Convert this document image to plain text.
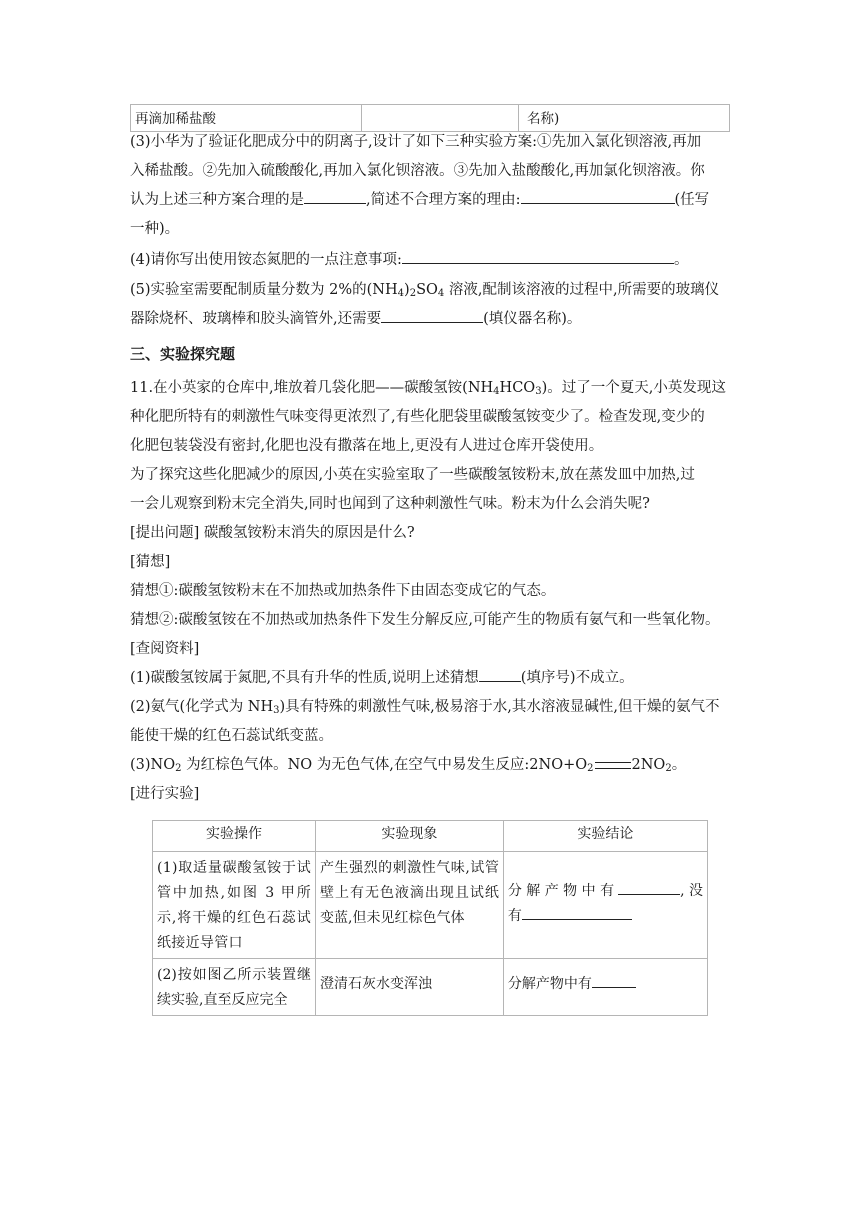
再滴加稀盐酸		名称)
(3)小华为了验证化肥成分中的阴离子,设计了如下三种实验方案:①先加入氯化钡溶液,再加
入稀盐酸。②先加入硫酸酸化,再加入氯化钡溶液。③先加入盐酸酸化,再加氯化钡溶液。你
认为上述三种方案合理的是	,简述不合理方案的理由:	(任写
一种)。
(4)请你写出使用铵态氮肥的一点注意事项:	。
(5)实验室需要配制质量分数为 2%的$(NH_4)_2SO_4$ 溶液,配制该溶液的过程中,所需要的玻璃仪
器除烧杯、玻璃棒和胶头滴管外,还需要	(填仪器名称)。
三、实验探究题
11.在小英家的仓库中,堆放着几袋化肥——碳酸氢铵$(NH_4HCO_3)$。过了一个夏天,小英发现这
种化肥所特有的刺激性气味变得更浓烈了,有些化肥袋里碳酸氢铵变少了。检查发现,变少的
化肥包装袋没有密封,化肥也没有撒落在地上,更没有人进过仓库开袋使用。
为了探究这些化肥减少的原因,小英在实验室取了一些碳酸氢铵粉末,放在蒸发皿中加热,过
一会儿观察到粉末完全消失,同时也闻到了这种刺激性气味。粉末为什么会消失呢?
[提出问题] 碳酸氢铵粉末消失的原因是什么?
[猜想]
猜想①:碳酸氢铵粉末在不加热或加热条件下由固态变成它的气态。
猜想②:碳酸氢铵在不加热或加热条件下发生分解反应,可能产生的物质有氨气和一些氧化物。
[查阅资料]
(1)碳酸氢铵属于氮肥,不具有升华的性质,说明上述猜想	(填序号)不成立。
(2)氨气(化学式为 $NH_3$)具有特殊的刺激性气味,极易溶于水,其水溶液显碱性,但干燥的氨气不
能使干燥的红色石蕊试纸变蓝。
$(3)NO_2$ 为红棕色气体。NO 为无色气体,在空气中易发生反应$:2NO+O_2$	$2NO_2$。
[进行实验]
实验操作	实验现象	实验结论
(1)取适量碳酸氢铵于试管中加热,如图 3 甲所示,将干燥的红色石蕊试纸接近导管口	产生强烈的刺激性气味,试管壁上有无色液滴出现且试纸变蓝,但未见红棕色气体	分 解 产 物 中 有 , 没
有

(2)按如图乙所示装置继续实验,直至反应完全	澄清石灰水变浑浊	分解产物中有
